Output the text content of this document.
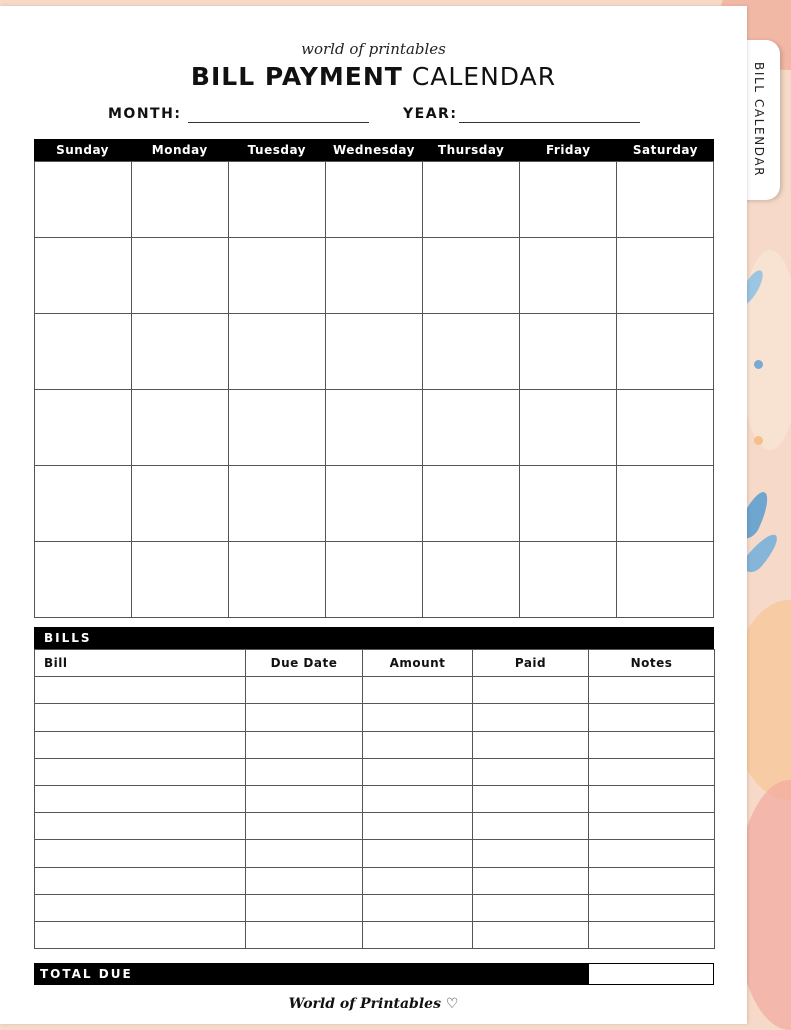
BILL CALENDAR
world of printables
BILL PAYMENT CALENDAR
MONTH:	YEAR:
Sunday	Monday	Tuesday	Wednesday	Thursday	Friday	Saturday
BILLS
Bill	Due Date	Amount	Paid	Notes

TOTAL DUE
World of Printables ♡
